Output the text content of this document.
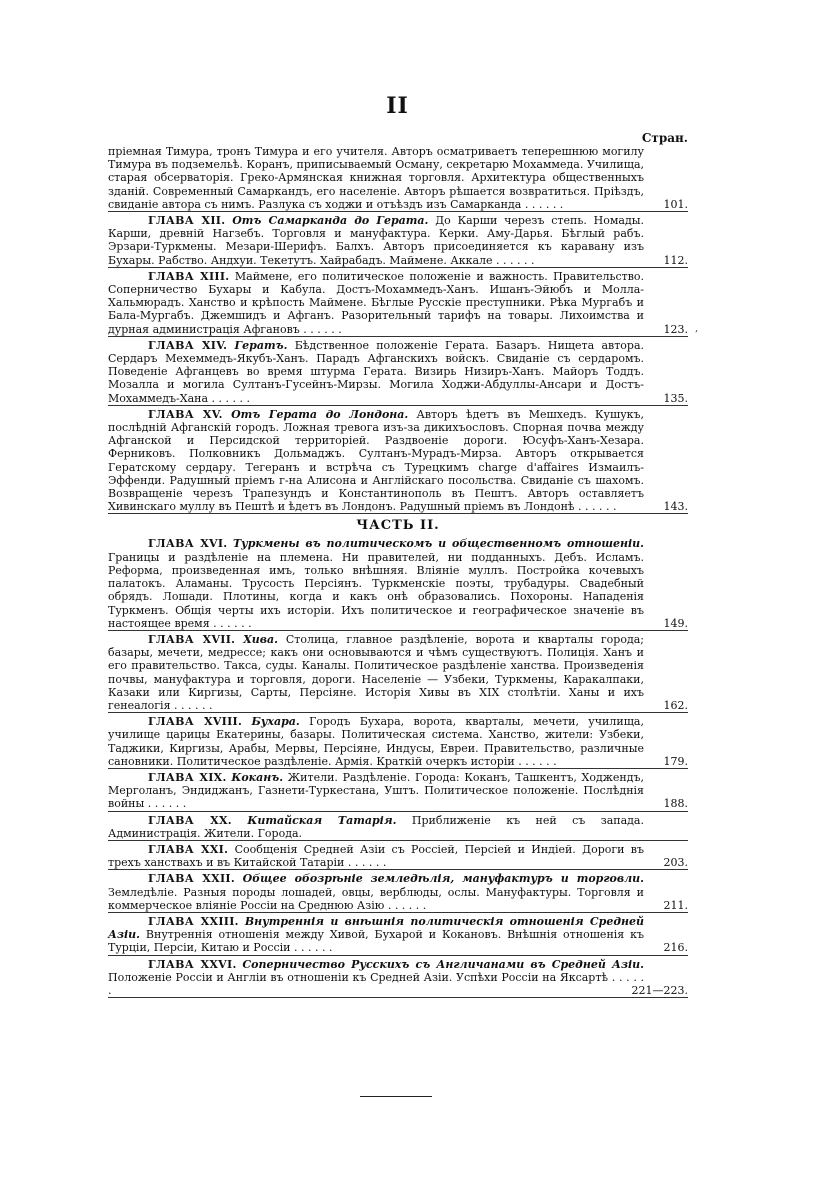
II
Стран.
,
пріемная Тимура, тронъ Тимура и его учителя. Авторъ осматриваетъ теперешнюю могилу Тимура въ подземельѣ. Коранъ, приписываемый Осману, секретарю Мохаммеда. Училища, старая обсерваторія. Греко-Армянская книжная торговля. Архитектура общественныхъ зданій. Современный Самаркандъ, его населеніе. Авторъ рѣшается возвратиться. Пріѣздъ, свиданіе автора съ нимъ. Разлука съ ходжи и отъѣздъ изъ Самарканда . . . . . .	101.
ГЛАВА XII. Отъ Самарканда до Герата. До Карши черезъ степь. Номады. Карши, древній Нагзебъ. Торговля и мануфактура. Керки. Аму-Дарья. Бѣглый рабъ. Эрзари-Туркмены. Мезари-Шерифъ. Балхъ. Авторъ присоединяется къ каравану изъ Бухары. Рабство. Андхуи. Текетутъ. Хайрабадъ. Маймене. Аккале . . . . . .	112.
ГЛАВА XIII. Маймене, его политическое положеніе и важность. Правительство. Соперничество Бухары и Кабула. Достъ-Мохаммедъ-Ханъ. Ишанъ-Эйюбъ и Молла-Хальмюрадъ. Ханство и крѣпость Маймене. Бѣглые Русскіе преступники. Рѣка Мургабъ и Бала-Мургабъ. Джемшидъ и Афганъ. Разорительный тарифъ на товары. Лихоимства и дурная администрація Афгановъ . . . . . .	123.
ГЛАВА XIV. Гератъ. Бѣдственное положеніе Герата. Базаръ. Нищета автора. Сердаръ Мехеммедъ-Якубъ-Ханъ. Парадъ Афганскихъ войскъ. Свиданіе съ сердаромъ. Поведеніе Афганцевъ во время штурма Герата. Визирь Низиръ-Ханъ. Майоръ Тоддъ. Мозалла и могила Султанъ-Гусейнъ-Мирзы. Могила Ходжи-Абдуллы-Ансари и Достъ-Мохаммедъ-Хана . . . . . .	135.
ГЛАВА XV. Отъ Герата до Лондона. Авторъ ѣдетъ въ Мешхедъ. Кушукъ, послѣдній Афганскій городъ. Ложная тревога изъ-за дикихъословъ. Спорная почва между Афганской и Персидской территоріей. Раздвоеніе дороги. Юсуфъ-Ханъ-Хезара. Ферниковъ. Полковникъ Дольмаджъ. Султанъ-Мурадъ-Мирза. Авторъ открывается Гератскому сердару. Тегеранъ и встрѣча съ Турецкимъ charge d'affaires Измаилъ-Эффенди. Радушный пріемъ г-на Алисона и Англійскаго посольства. Свиданіе съ шахомъ. Возвращеніе черезъ Трапезундъ и Константинополь въ Пештъ. Авторъ оставляетъ Хивинскаго муллу въ Пештѣ и ѣдетъ въ Лондонъ. Радушный пріемъ въ Лондонѣ . . . . . .	143.
ЧАСТЬ II.
ГЛАВА XVI. Туркмены въ политическомъ и общественномъ отношеніи. Границы и раздѣленіе на племена. Ни правителей, ни подданныхъ. Дебъ. Исламъ. Реформа, произведенная имъ, только внѣшняя. Вліяніе муллъ. Постройка кочевыхъ палатокъ. Аламаны. Трусость Персіянъ. Туркменскіе поэты, трубадуры. Свадебный обрядъ. Лошади. Плотины, когда и какъ онѣ образовались. Похороны. Нападенія Туркменъ. Общія черты ихъ исторіи. Ихъ политическое и географическое значеніе въ настоящее время . . . . . .	149.
ГЛАВА XVII. Хива. Столица, главное раздѣленіе, ворота и кварталы города; базары, мечети, медрессе; какъ они основываются и чѣмъ существуютъ. Полиція. Ханъ и его правительство. Такса, суды. Каналы. Политическое раздѣленіе ханства. Произведенія почвы, мануфактура и торговля, дороги. Населеніе — Узбеки, Туркмены, Каракалпаки, Казаки или Киргизы, Сарты, Персіяне. Исторія Хивы въ XIX столѣтіи. Ханы и ихъ генеалогія . . . . . .	162.
ГЛАВА XVIII. Бухара. Городъ Бухара, ворота, кварталы, мечети, училища, училище царицы Екатерины, базары. Политическая система. Ханство, жители: Узбеки, Таджики, Киргизы, Арабы, Мервы, Персіяне, Индусы, Евреи. Правительство, различные сановники. Политическое раздѣленіе. Армія. Краткій очеркъ исторіи . . . . . .	179.
ГЛАВА XIX. Коканъ. Жители. Раздѣленіе. Города: Коканъ, Ташкентъ, Ходжендъ, Мерголанъ, Эндиджанъ, Газнети-Туркестана, Уштъ. Политическое положеніе. Послѣднія войны . . . . . .	188.
ГЛАВА XX. Китайская Татарія. Приближеніе къ ней съ запада. Администрація. Жители. Города.
ГЛАВА XXI. Сообщенія Средней Азіи съ Россіей, Персіей и Индіей. Дороги въ трехъ ханствахъ и въ Китайской Татаріи . . . . . .	203.
ГЛАВА XXII. Общее обозрѣніе земледѣлія, мануфактуръ и торговли. Земледѣліе. Разныя породы лошадей, овцы, верблюды, ослы. Мануфактуры. Торговля и коммерческое вліяніе Россіи на Среднюю Азію . . . . . .	211.
ГЛАВА XXIII. Внутреннія и внѣшнія политическія отношенія Средней Азіи. Внутреннія отношенія между Хивой, Бухарой и Кокановъ. Внѣшнія отношенія къ Турціи, Персіи, Китаю и Россіи . . . . . .	216.
ГЛАВА XXVI. Соперничество Русскихъ съ Англичанами въ Средней Азіи. Положеніе Россіи и Англіи въ отношеніи къ Средней Азіи. Успѣхи Россіи на Яксартѣ . . . . . .	221—223.
